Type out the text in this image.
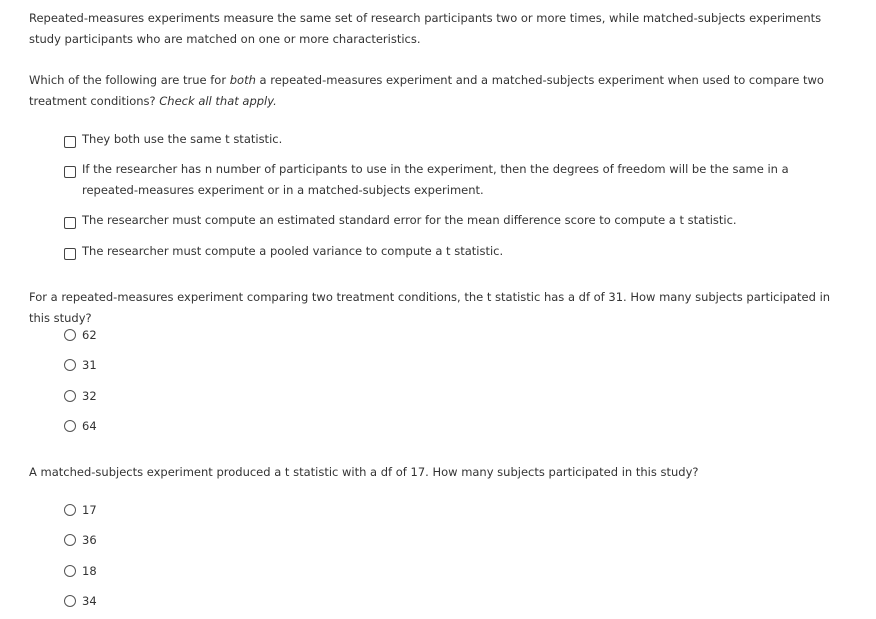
Repeated-measures experiments measure the same set of research participants two or more times, while matched-subjects experiments study participants who are matched on one or more characteristics.

Which of the following are true for both a repeated-measures experiment and a matched-subjects experiment when used to compare two treatment conditions? Check all that apply.

They both use the same t statistic.
If the researcher has n number of participants to use in the experiment, then the degrees of freedom will be the same in a repeated-measures experiment or in a matched-subjects experiment.
The researcher must compute an estimated standard error for the mean difference score to compute a t statistic.
The researcher must compute a pooled variance to compute a t statistic.

For a repeated-measures experiment comparing two treatment conditions, the t statistic has a df of 31. How many subjects participated in this study?

62
31
32
64

A matched-subjects experiment produced a t statistic with a df of 17. How many subjects participated in this study?

17
36
18
34
